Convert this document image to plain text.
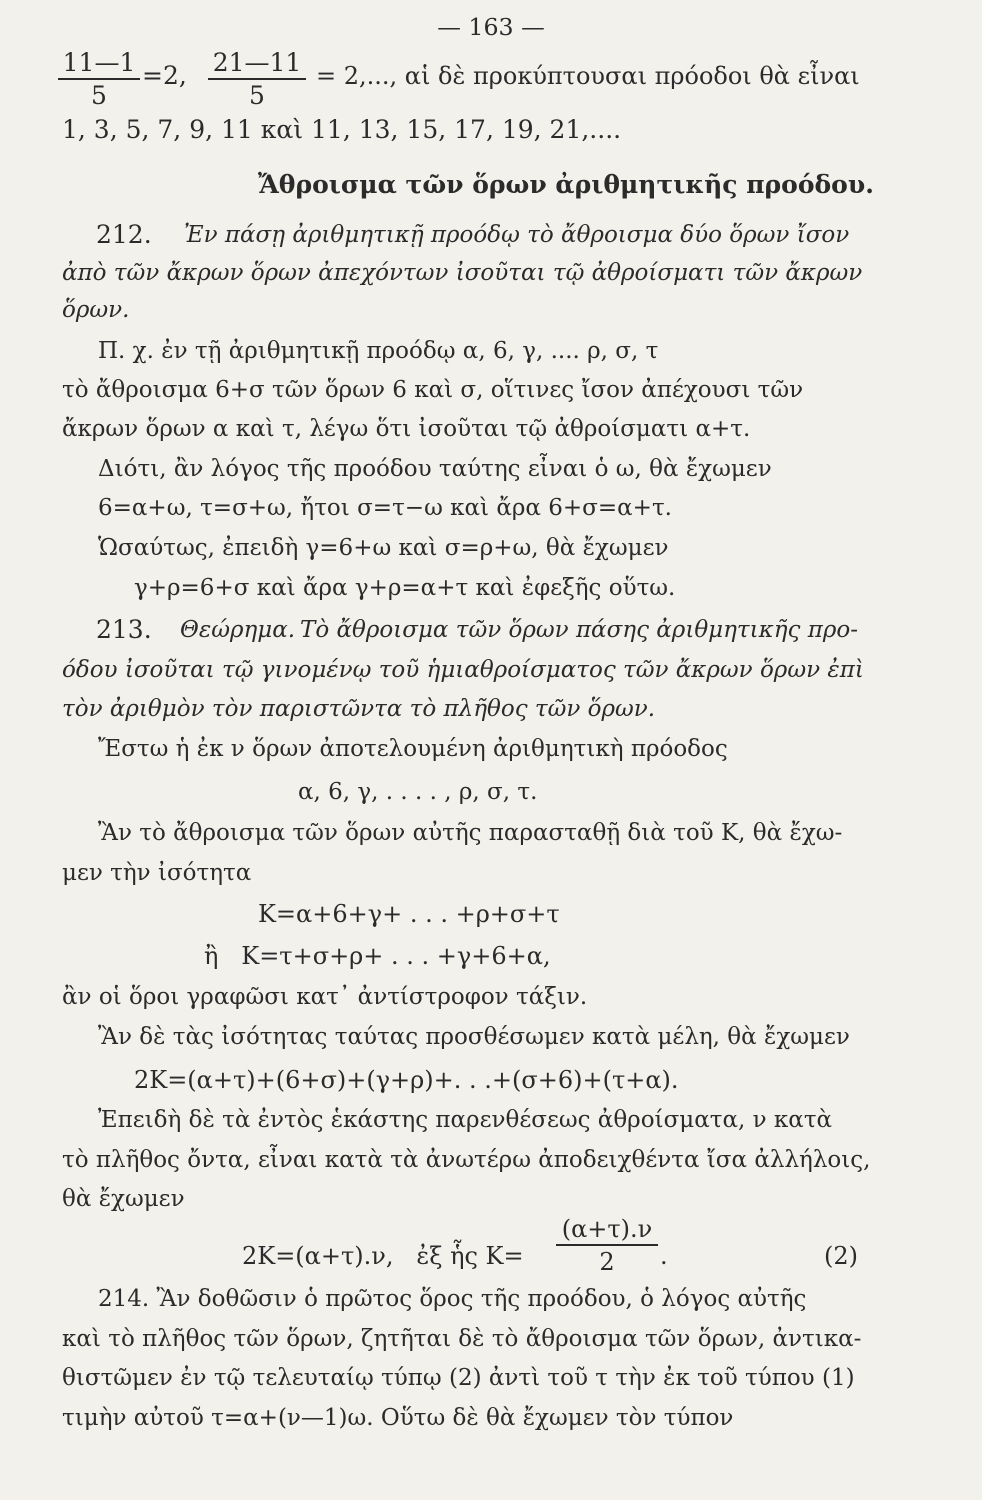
— 163 —
$\frac{11—1}{5} =2$, $\frac{21—11}{5} = 2$,..., αἱ δὲ προκύπτουσαι πρόοδοι θὰ εἶναι
1, 3, 5, 7, 9, 11 καὶ 11, 13, 15, 17, 19, 21,....
Ἄθροισμα τῶν ὅρων ἀριθμητικῆς προόδου.
212. Ἐν πάσῃ ἀριθμητικῇ προόδῳ τὸ ἄθροισμα δύο ὅρων ἴσον
ἀπὸ τῶν ἄκρων ὅρων ἀπεχόντων ἰσοῦται τῷ ἀθροίσματι τῶν ἄκρων
ὅρων.
Π. χ. ἐν τῇ ἀριθμητικῇ προόδῳ α, 6, γ, .... ρ, σ, τ
τὸ ἄθροισμα 6+σ τῶν ὅρων 6 καὶ σ, οἵτινες ἴσον ἀπέχουσι τῶν
ἄκρων ὅρων α καὶ τ, λέγω ὅτι ἰσοῦται τῷ ἀθροίσματι α+τ.
Διότι, ἂν λόγος τῆς προόδου ταύτης εἶναι ὁ ω, θὰ ἔχωμεν
6=α+ω, τ=σ+ω, ἤτοι σ=τ−ω καὶ ἄρα 6+σ=α+τ.
Ὡσαύτως, ἐπειδὴ γ=6+ω καὶ σ=ρ+ω, θὰ ἔχωμεν
γ+ρ=6+σ καὶ ἄρα γ+ρ=α+τ καὶ ἐφεξῆς οὕτω.
213. Θεώρημα. Τὸ ἄθροισμα τῶν ὅρων πάσης ἀριθμητικῆς προ-
όδου ἰσοῦται τῷ γινομένῳ τοῦ ἡμιαθροίσματος τῶν ἄκρων ὅρων ἐπὶ
τὸν ἀριθμὸν τὸν παριστῶντα τὸ πλῆθος τῶν ὅρων.
Ἔστω ἡ ἐκ ν ὅρων ἀποτελουμένη ἀριθμητικὴ πρόοδος
α, 6, γ, . . . . , ρ, σ, τ.
Ἂν τὸ ἄθροισμα τῶν ὅρων αὐτῆς παρασταθῇ διὰ τοῦ Κ, θὰ ἔχω-
μεν τὴν ἰσότητα
Κ=α+6+γ+ . . . +ρ+σ+τ
ἢ   Κ=τ+σ+ρ+ . . . +γ+6+α,
ἂν οἱ ὅροι γραφῶσι κατ᾿ ἀντίστροφον τάξιν.
Ἂν δὲ τὰς ἰσότητας ταύτας προσθέσωμεν κατὰ μέλη, θὰ ἔχωμεν
2Κ=(α+τ)+(6+σ)+(γ+ρ)+. . .+(σ+6)+(τ+α).
Ἐπειδὴ δὲ τὰ ἐντὸς ἑκάστης παρενθέσεως ἀθροίσματα, ν κατὰ
τὸ πλῆθος ὄντα, εἶναι κατὰ τὰ ἀνωτέρω ἀποδειχθέντα ἴσα ἀλλήλοις,
θὰ ἔχωμεν
2Κ=(α+τ).ν,   ἐξ ἧς $K= \frac{(\alpha+\tau).\nu}{2}$ .	(2)
214. Ἂν δοθῶσιν ὁ πρῶτος ὅρος τῆς προόδου, ὁ λόγος αὐτῆς
καὶ τὸ πλῆθος τῶν ὅρων, ζητῆται δὲ τὸ ἄθροισμα τῶν ὅρων, ἀντικα-
θιστῶμεν ἐν τῷ τελευταίῳ τύπῳ (2) ἀντὶ τοῦ τ τὴν ἐκ τοῦ τύπου (1)
τιμὴν αὐτοῦ τ=α+(ν—1)ω. Οὕτω δὲ θὰ ἔχωμεν τὸν τύπον
